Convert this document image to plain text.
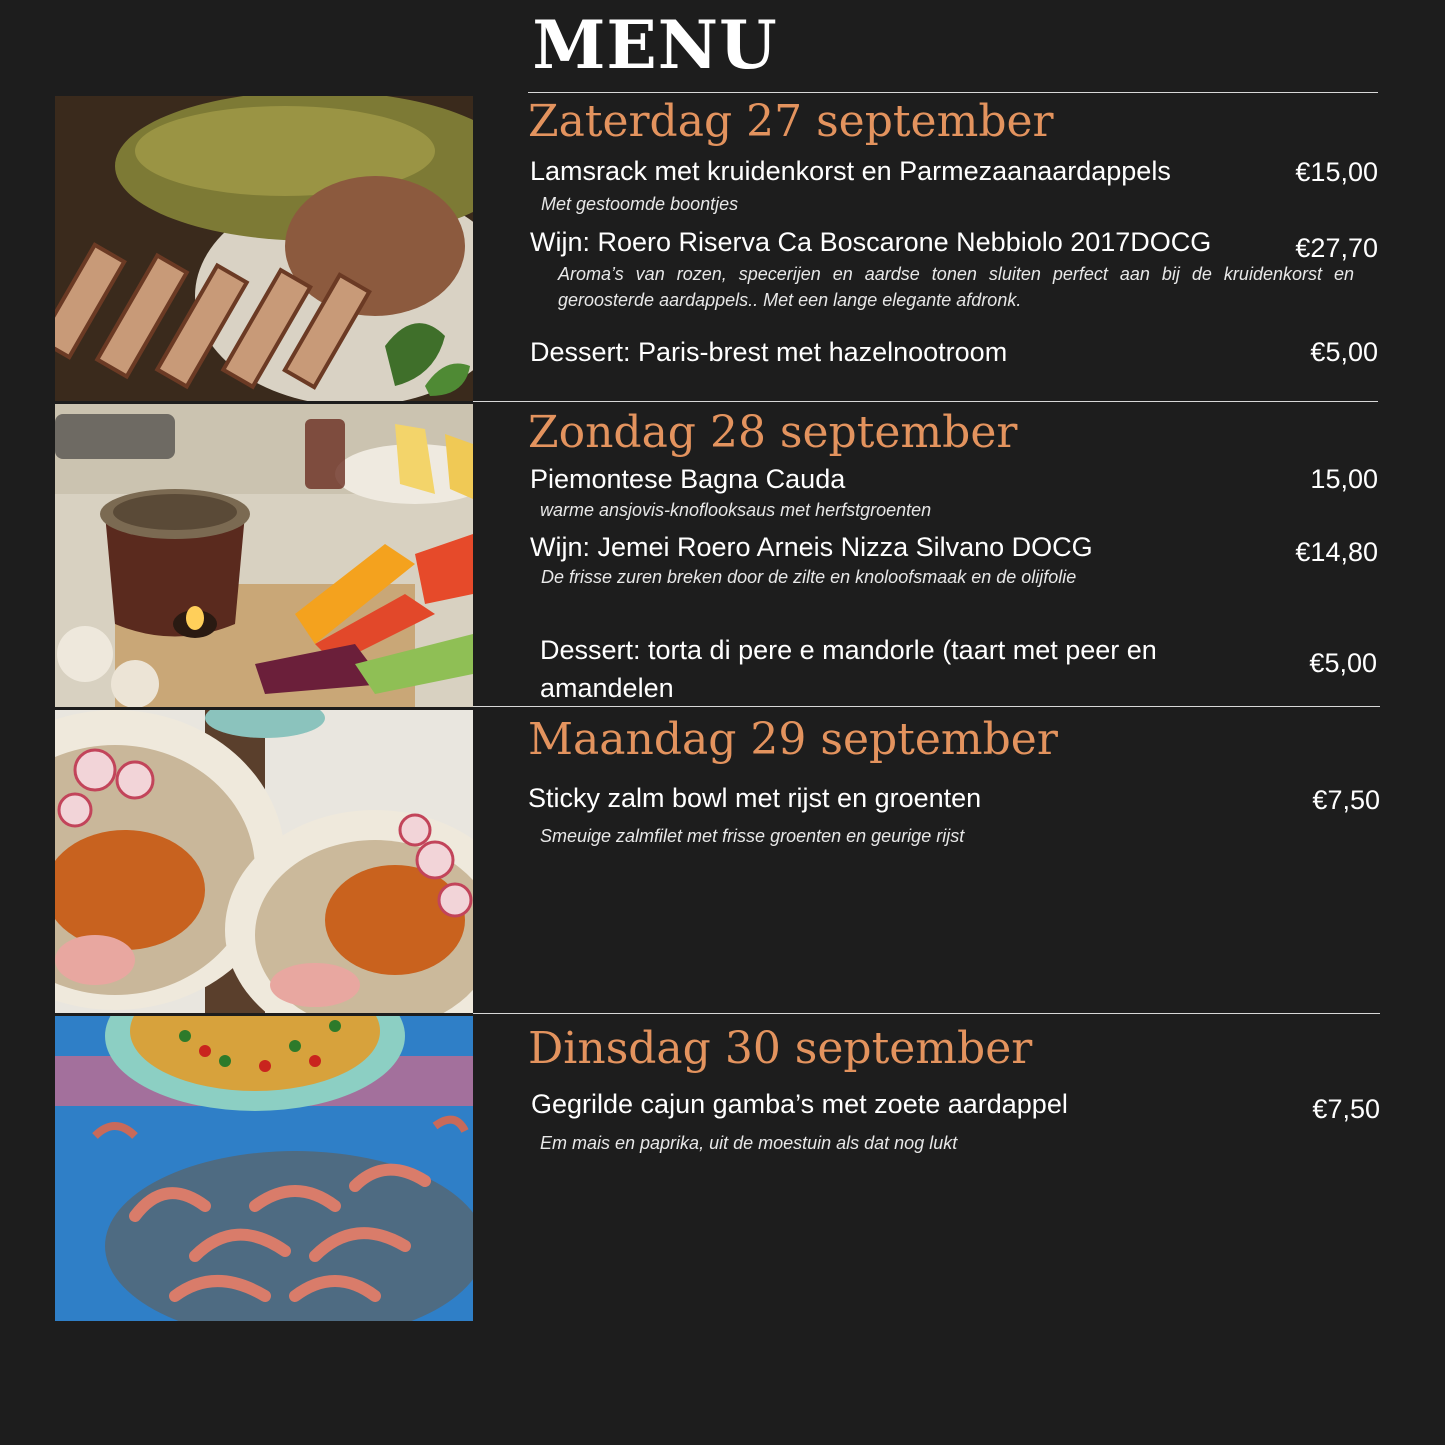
MENU
Zaterdag 27 september
Lamsrack met kruidenkorst en Parmezaanaardappels	€15,00
Met gestoomde boontjes
Wijn: Roero Riserva Ca Boscarone Nebbiolo 2017DOCG	€27,70
Aroma’s van rozen, specerijen en aardse tonen sluiten perfect aan bij de kruidenkorst en geroosterde aardappels.. Met een lange elegante afdronk.
Dessert: Paris-brest met hazelnootroom	€5,00
Zondag 28 september
Piemontese Bagna Cauda	15,00
warme ansjovis-knoflooksaus met herfstgroenten
Wijn: Jemei Roero Arneis Nizza Silvano DOCG	€14,80
De frisse zuren breken door de zilte en knoloofsmaak en de olijfolie
Dessert: torta di pere e mandorle (taart met peer en amandelen
€5,00
Maandag 29 september
Sticky zalm bowl met rijst en groenten	€7,50
Smeuige zalmfilet met frisse groenten en geurige rijst
Dinsdag 30 september
Gegrilde cajun gamba’s met zoete aardappel	€7,50
Em mais en paprika, uit de moestuin als dat nog lukt
